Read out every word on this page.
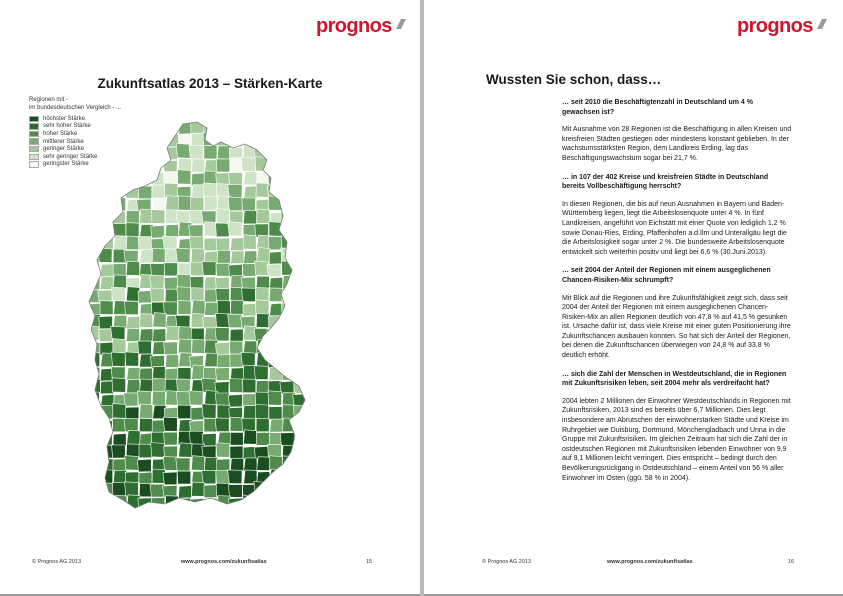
prognos
Zukunftsatlas 2013 – Stärken-Karte
Regionen mit -
im bundesdeutschen Vergleich - ...
höchster Stärke
sehr hoher Stärke
hoher Stärke
mittlerer Stärke
geringer Stärke
sehr geringer Stärke
geringster Stärke
© Prognos AG 2013	www.prognos.com/zukunftsatlas	15
prognos
Wussten Sie schon, dass…

… seit 2010 die Beschäftigtenzahl in Deutschland um 4 % gewachsen ist?

Mit Ausnahme von 28 Regionen ist die Beschäftigung in allen Kreisen und kreisfreien Städten gestiegen oder mindestens konstant geblieben. In der wachstumsstärksten Region, dem Landkreis Erding, lag das Beschäftigungswachstum sogar bei 21,7 %.

… in 107 der 402 Kreise und kreisfreien Städte in Deutschland bereits Vollbeschäftigung herrscht?

In diesen Regionen, die bis auf neun Ausnahmen in Bayern und Baden-Württemberg liegen, liegt die Arbeitslosenquote unter 4 %. In fünf Landkreisen, angeführt von Eichstätt mit einer Quote von lediglich 1,2 % sowie Donau-Ries, Erding, Pfaffenhofen a.d.Ilm und Unterallgäu liegt die die Arbeitslosigkeit sogar unter 2 %. Die bundesweite Arbeitslosenquote entwickelt sich weiterhin positiv und liegt bei 6,6 % (30.Juni.2013).

… seit 2004 der Anteil der Regionen mit einem ausgeglichenen Chancen-Risiken-Mix schrumpft?

Mit Blick auf die Regionen und ihre Zukunftsfähigkeit zeigt sich, dass seit 2004 der Anteil der Regionen mit einem ausgeglichenen Chancen-Risiken-Mix an allen Regionen deutlich von 47,8 % auf 41,5 % gesunken ist. Ursache dafür ist, dass viele Kreise mit einer guten Positionierung ihre Zukunftschancen ausbauen konnten. So hat sich der Anteil der Regionen, bei denen die Zukunftschancen überwiegen von 24,8 % auf 33,8 % deutlich erhöht.

… sich die Zahl der Menschen in Westdeutschland, die in Regionen mit Zukunftsrisiken leben, seit 2004 mehr als verdreifacht hat?

2004 lebten 2 Millionen der Einwohner Westdeutschlands in Regionen mit Zukunftsrisiken, 2013 sind es bereits über 6,7 Millionen. Dies liegt insbesondere am Abrutschen der einwohnerstarken Städte und Kreise im Ruhrgebiet wie Duisburg, Dortmund, Mönchengladbach und Unna in die Gruppe mit Zukunftsrisiken. Im gleichen Zeitraum hat sich die Zahl der in ostdeutschen Regionen mit Zukunftsrisiken lebenden Einwohner von 9,9 auf 9,1 Millionen leicht verringert. Dies entspricht – bedingt durch den Bevölkerungsrückgang in Ostdeutschland – einem Anteil von 56 % aller Einwohner im Osten (ggü. 58 % in 2004).

© Prognos AG 2013	www.prognos.com/zukunftsatlas	16
